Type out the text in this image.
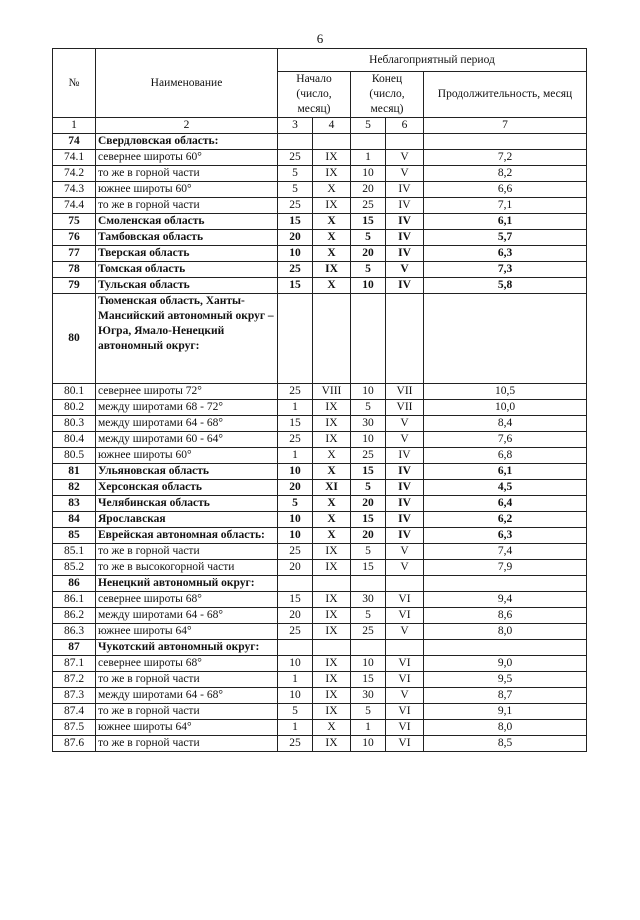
6
№	Наименование	Неблагоприятный период				
		Начало (число, месяц)		Конец (число, месяц)		Продолжительность, месяц
1	2	3	4	5	6	7
74	Свердловская область:					
74.1	севернее широты 60°	25	IX	1	V	7,2
74.2	то же в горной части	5	IX	10	V	8,2
74.3	южнее широты 60°	5	X	20	IV	6,6
74.4	то же в горной части	25	IX	25	IV	7,1
75	Смоленская область	15	X	15	IV	6,1
76	Тамбовская область	20	X	5	IV	5,7
77	Тверская область	10	X	20	IV	6,3
78	Томская область	25	IX	5	V	7,3
79	Тульская область	15	X	10	IV	5,8
80	Тюменская область, Ханты-Мансийский автономный округ – Югра, Ямало-Ненецкий автономный округ:					
80.1	севернее широты 72°	25	VIII	10	VII	10,5
80.2	между широтами 68 - 72°	1	IX	5	VII	10,0
80.3	между широтами 64 - 68°	15	IX	30	V	8,4
80.4	между широтами 60 - 64°	25	IX	10	V	7,6
80.5	южнее широты 60°	1	X	25	IV	6,8
81	Ульяновская область	10	X	15	IV	6,1
82	Херсонская область	20	XI	5	IV	4,5
83	Челябинская область	5	X	20	IV	6,4
84	Ярославская	10	X	15	IV	6,2
85	Еврейская автономная область:	10	X	20	IV	6,3
85.1	то же в горной части	25	IX	5	V	7,4
85.2	то же в высокогорной части	20	IX	15	V	7,9
86	Ненецкий автономный округ:					
86.1	севернее широты 68°	15	IX	30	VI	9,4
86.2	между широтами 64 - 68°	20	IX	5	VI	8,6
86.3	южнее широты 64°	25	IX	25	V	8,0
87	Чукотский автономный округ:					
87.1	севернее широты 68°	10	IX	10	VI	9,0
87.2	то же в горной части	1	IX	15	VI	9,5
87.3	между широтами 64 - 68°	10	IX	30	V	8,7
87.4	то же в горной части	5	IX	5	VI	9,1
87.5	южнее широты 64°	1	X	1	VI	8,0
87.6	то же в горной части	25	IX	10	VI	8,5
